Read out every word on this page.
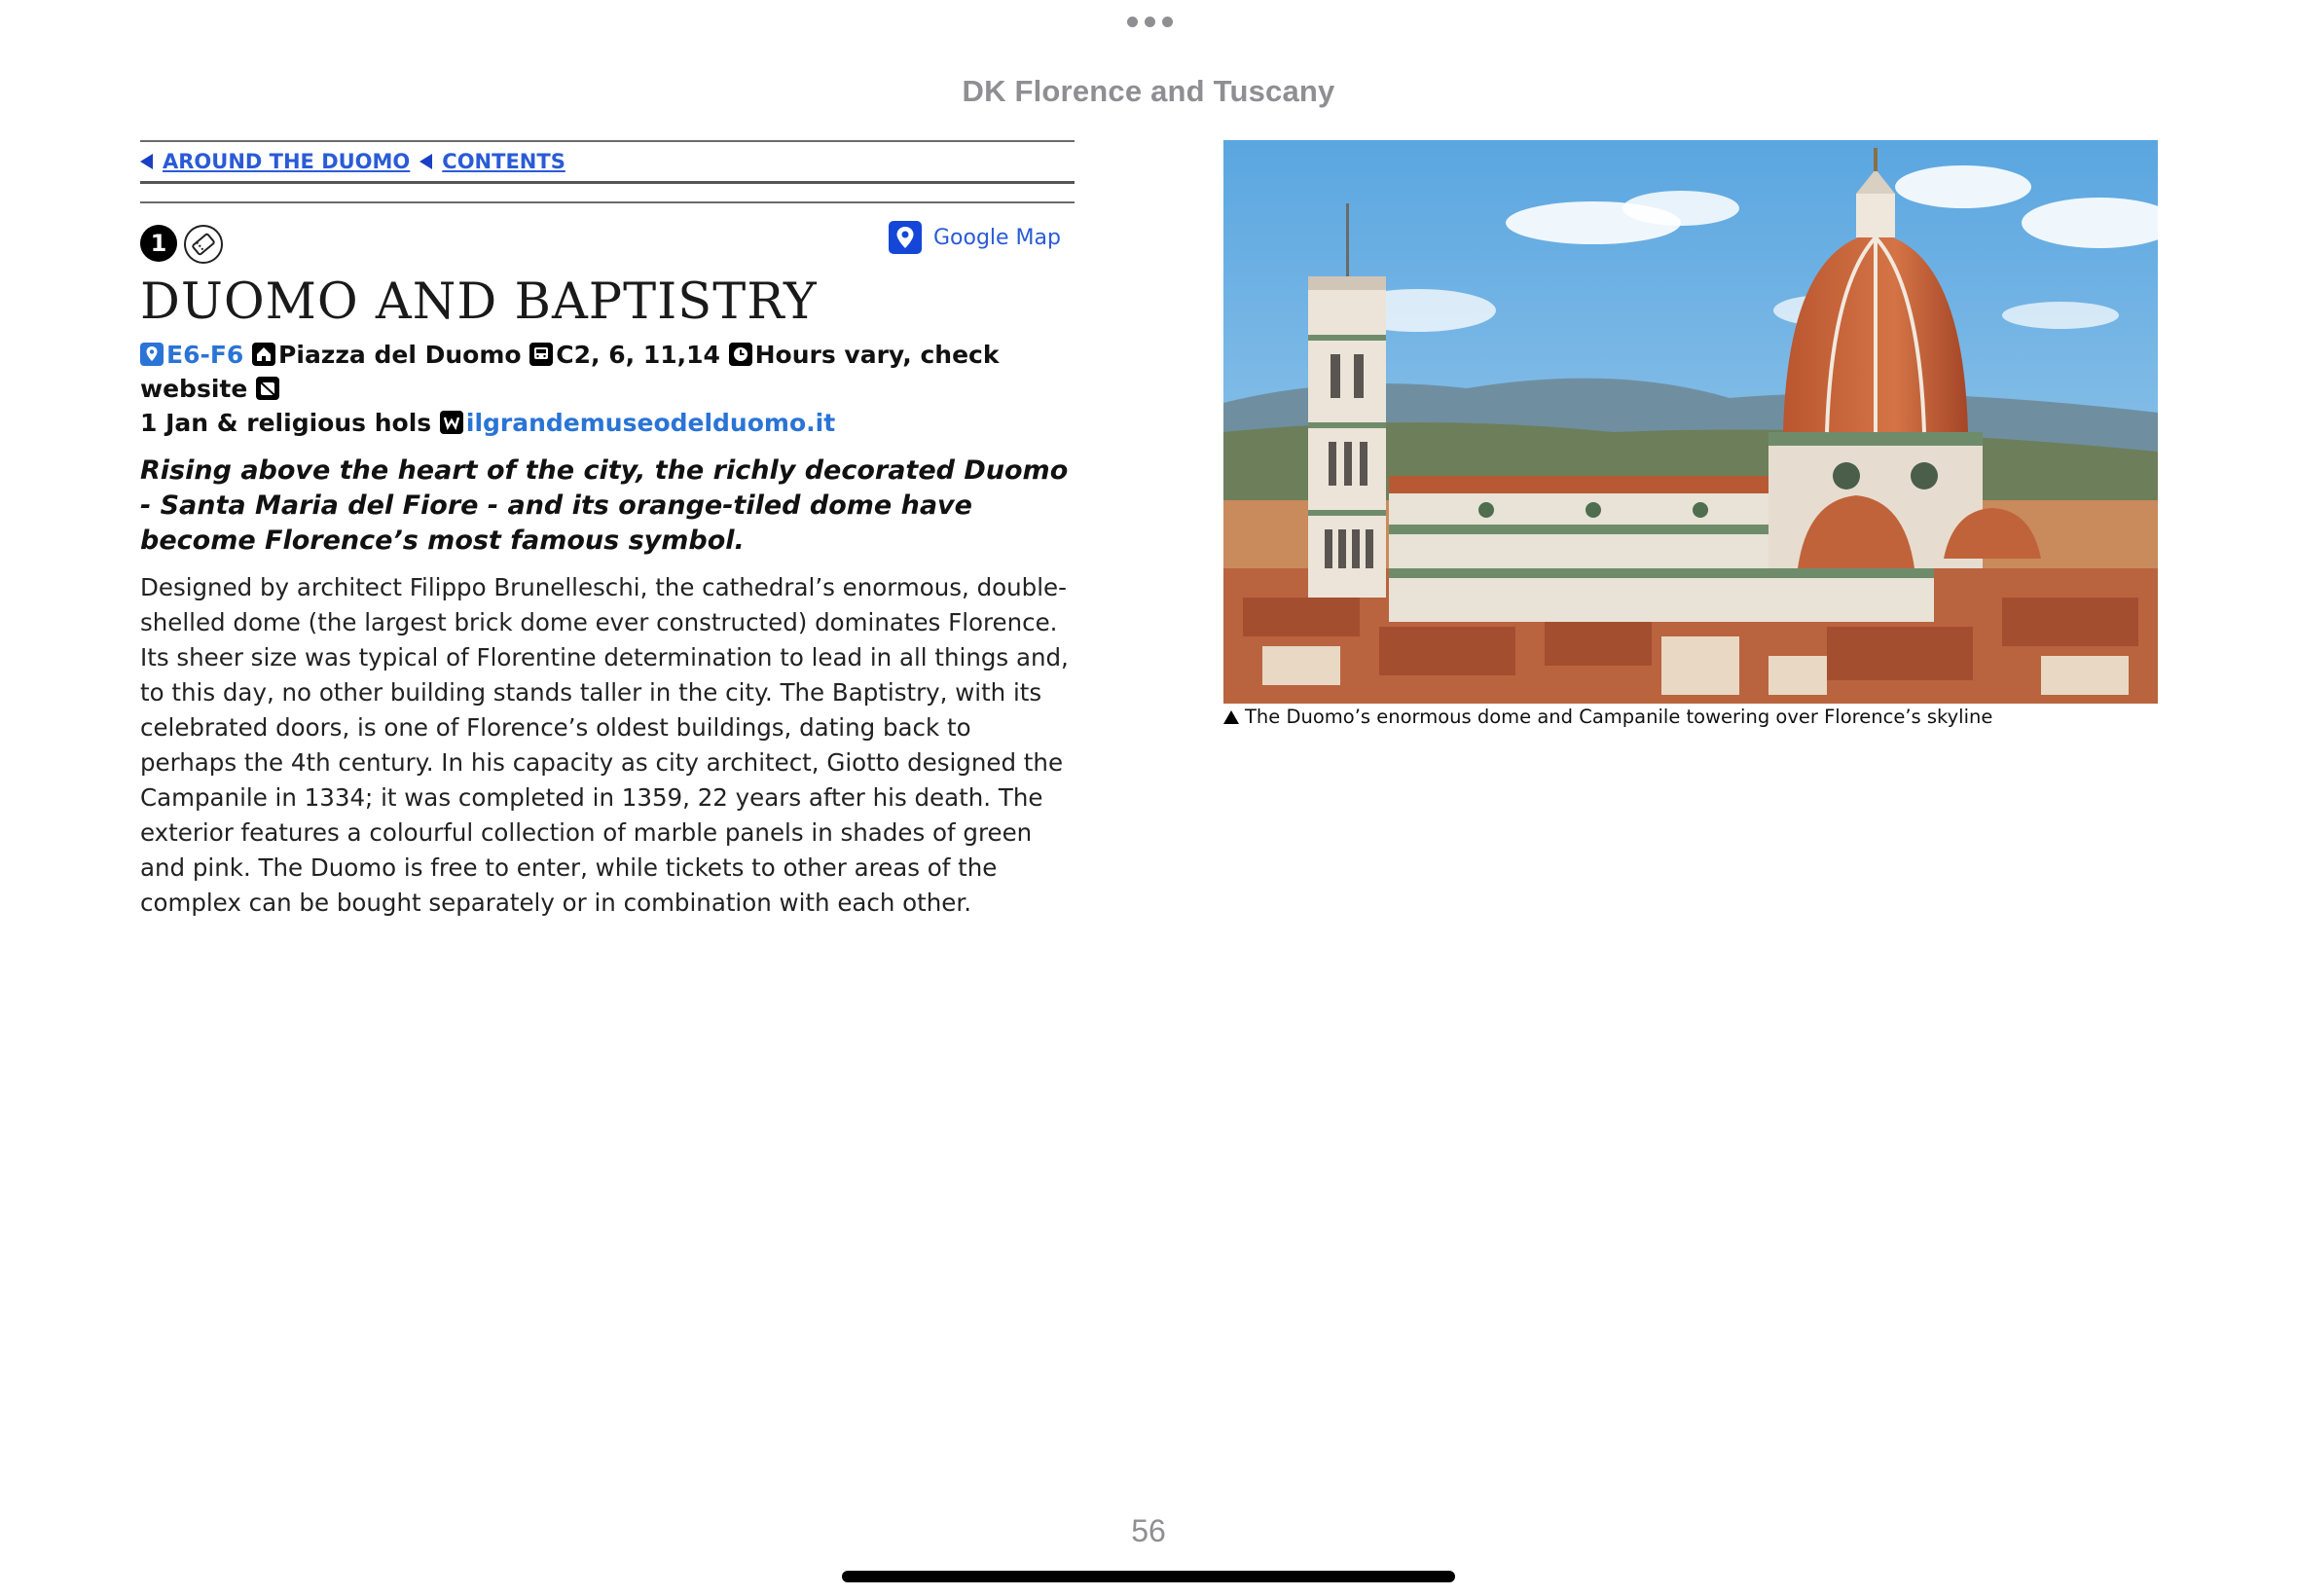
DK Florence and Tuscany
AROUND THE DUOMO CONTENTS
1	Google Map
DUOMO AND BAPTISTRY
E6-F6 Piazza del Duomo C2, 6, 11,14 Hours vary, check website

1 Jan & religious hols ilgrandemuseodelduomo.it
Rising above the heart of the city, the richly decorated Duomo - Santa Maria del Fiore - and its orange-tiled dome have become Florence’s most famous symbol.
Designed by architect Filippo Brunelleschi, the cathedral’s enormous, double-shelled dome (the largest brick dome ever constructed) dominates Florence. Its sheer size was typical of Florentine determination to lead in all things and, to this day, no other building stands taller in the city. The Baptistry, with its celebrated doors, is one of Florence’s oldest buildings, dating back to perhaps the 4th century. In his capacity as city architect, Giotto designed the Campanile in 1334; it was completed in 1359, 22 years after his death. The exterior features a colourful collection of marble panels in shades of green and pink. The Duomo is free to enter, while tickets to other areas of the complex can be bought separately or in combination with each other.
The Duomo’s enormous dome and Campanile towering over Florence’s skyline
56
